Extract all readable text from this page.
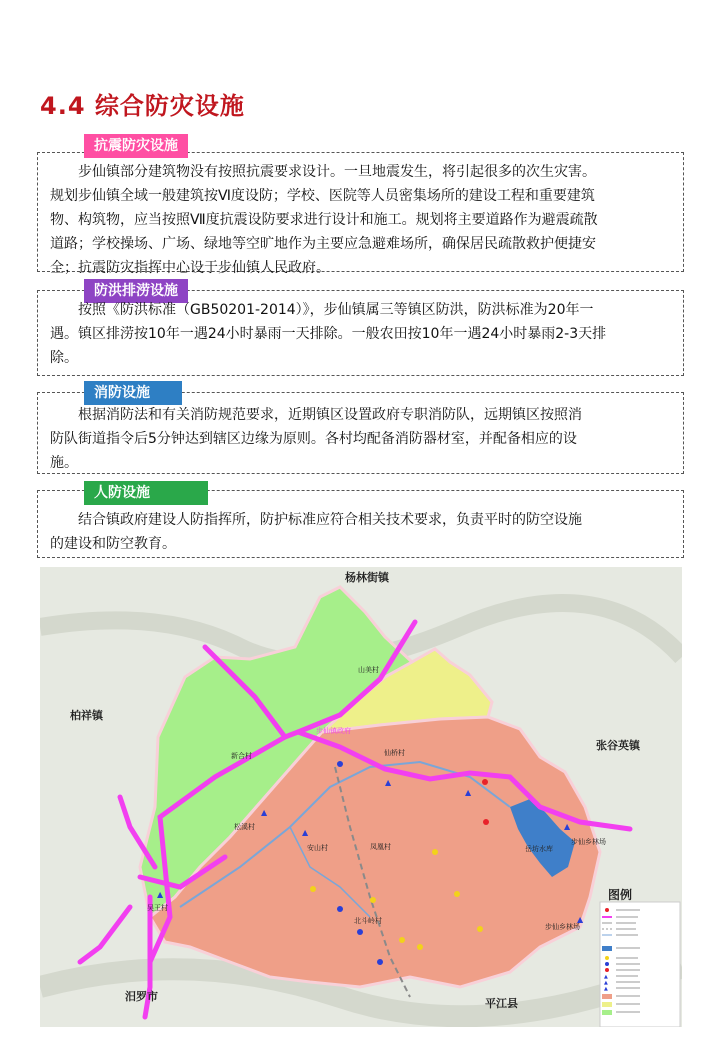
4.4 综合防灾设施
抗震防灾设施
　　步仙镇部分建筑物没有按照抗震要求设计。一旦地震发生，将引起很多的次生灾害。
规划步仙镇全域一般建筑按Ⅵ度设防；学校、医院等人员密集场所的建设工程和重要建筑
物、构筑物，应当按照Ⅶ度抗震设防要求进行设计和施工。规划将主要道路作为避震疏散
道路；学校操场、广场、绿地等空旷地作为主要应急避难场所，确保居民疏散救护便捷安
全；抗震防灾指挥中心设于步仙镇人民政府。
防洪排涝设施
　　按照《防洪标准（GB50201-2014）》，步仙镇属三等镇区防洪，防洪标准为20年一
遇。镇区排涝按10年一遇24小时暴雨一天排除。一般农田按10年一遇24小时暴雨2-3天排
除。
消防设施
　　根据消防法和有关消防规范要求，近期镇区设置政府专职消防队，远期镇区按照消
防队街道指令后5分钟达到辖区边缘为原则。各村均配备消防器材室，并配备相应的设
施。
人防设施
　　结合镇政府建设人防指挥所，防护标准应符合相关技术要求，负责平时的防空设施
的建设和防空教育。
▲
▲
▲
▲
▲
▲
▲
杨林街镇
柏祥镇
张谷英镇
汨罗市
平江县
山美村
新合村	仙桥村
松溪村
安山村	凤凰村
吴王村
北斗岭村
岳坊水库
步仙乡林场
步仙乡林场
步仙镇政府
图例
▲
▲
▲
